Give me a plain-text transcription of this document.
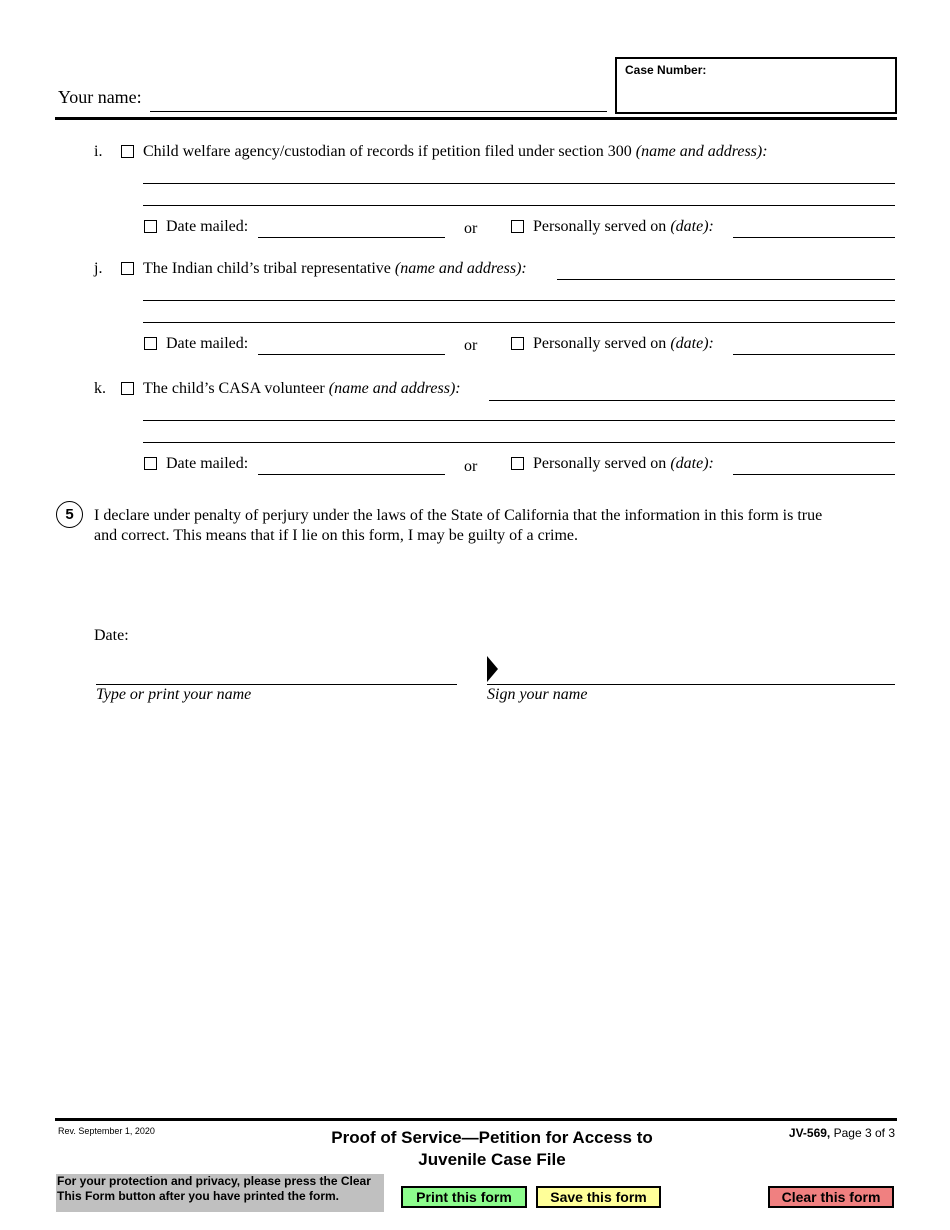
Your name:
Case Number:
i.	Child welfare agency/custodian of records if petition filed under section 300 (name and address):
Date mailed:	or	Personally served on (date):
j.	The Indian child’s tribal representative (name and address):
Date mailed:	or	Personally served on (date):
k. The child’s CASA volunteer (name and address):
Date mailed:	or	Personally served on (date):
5	I declare under penalty of perjury under the laws of the State of California that the information in this form is true
and correct. This means that if I lie on this form, I may be guilty of a crime.
Date:
Type or print your name	Sign your name
Rev. September 1, 2020	Proof of Service—Petition for Access to
Juvenile Case File
JV-569, Page 3 of 3
For your protection and privacy, please press the Clear
This Form button after you have printed the form.	Print this form	Save this form	Clear this form
